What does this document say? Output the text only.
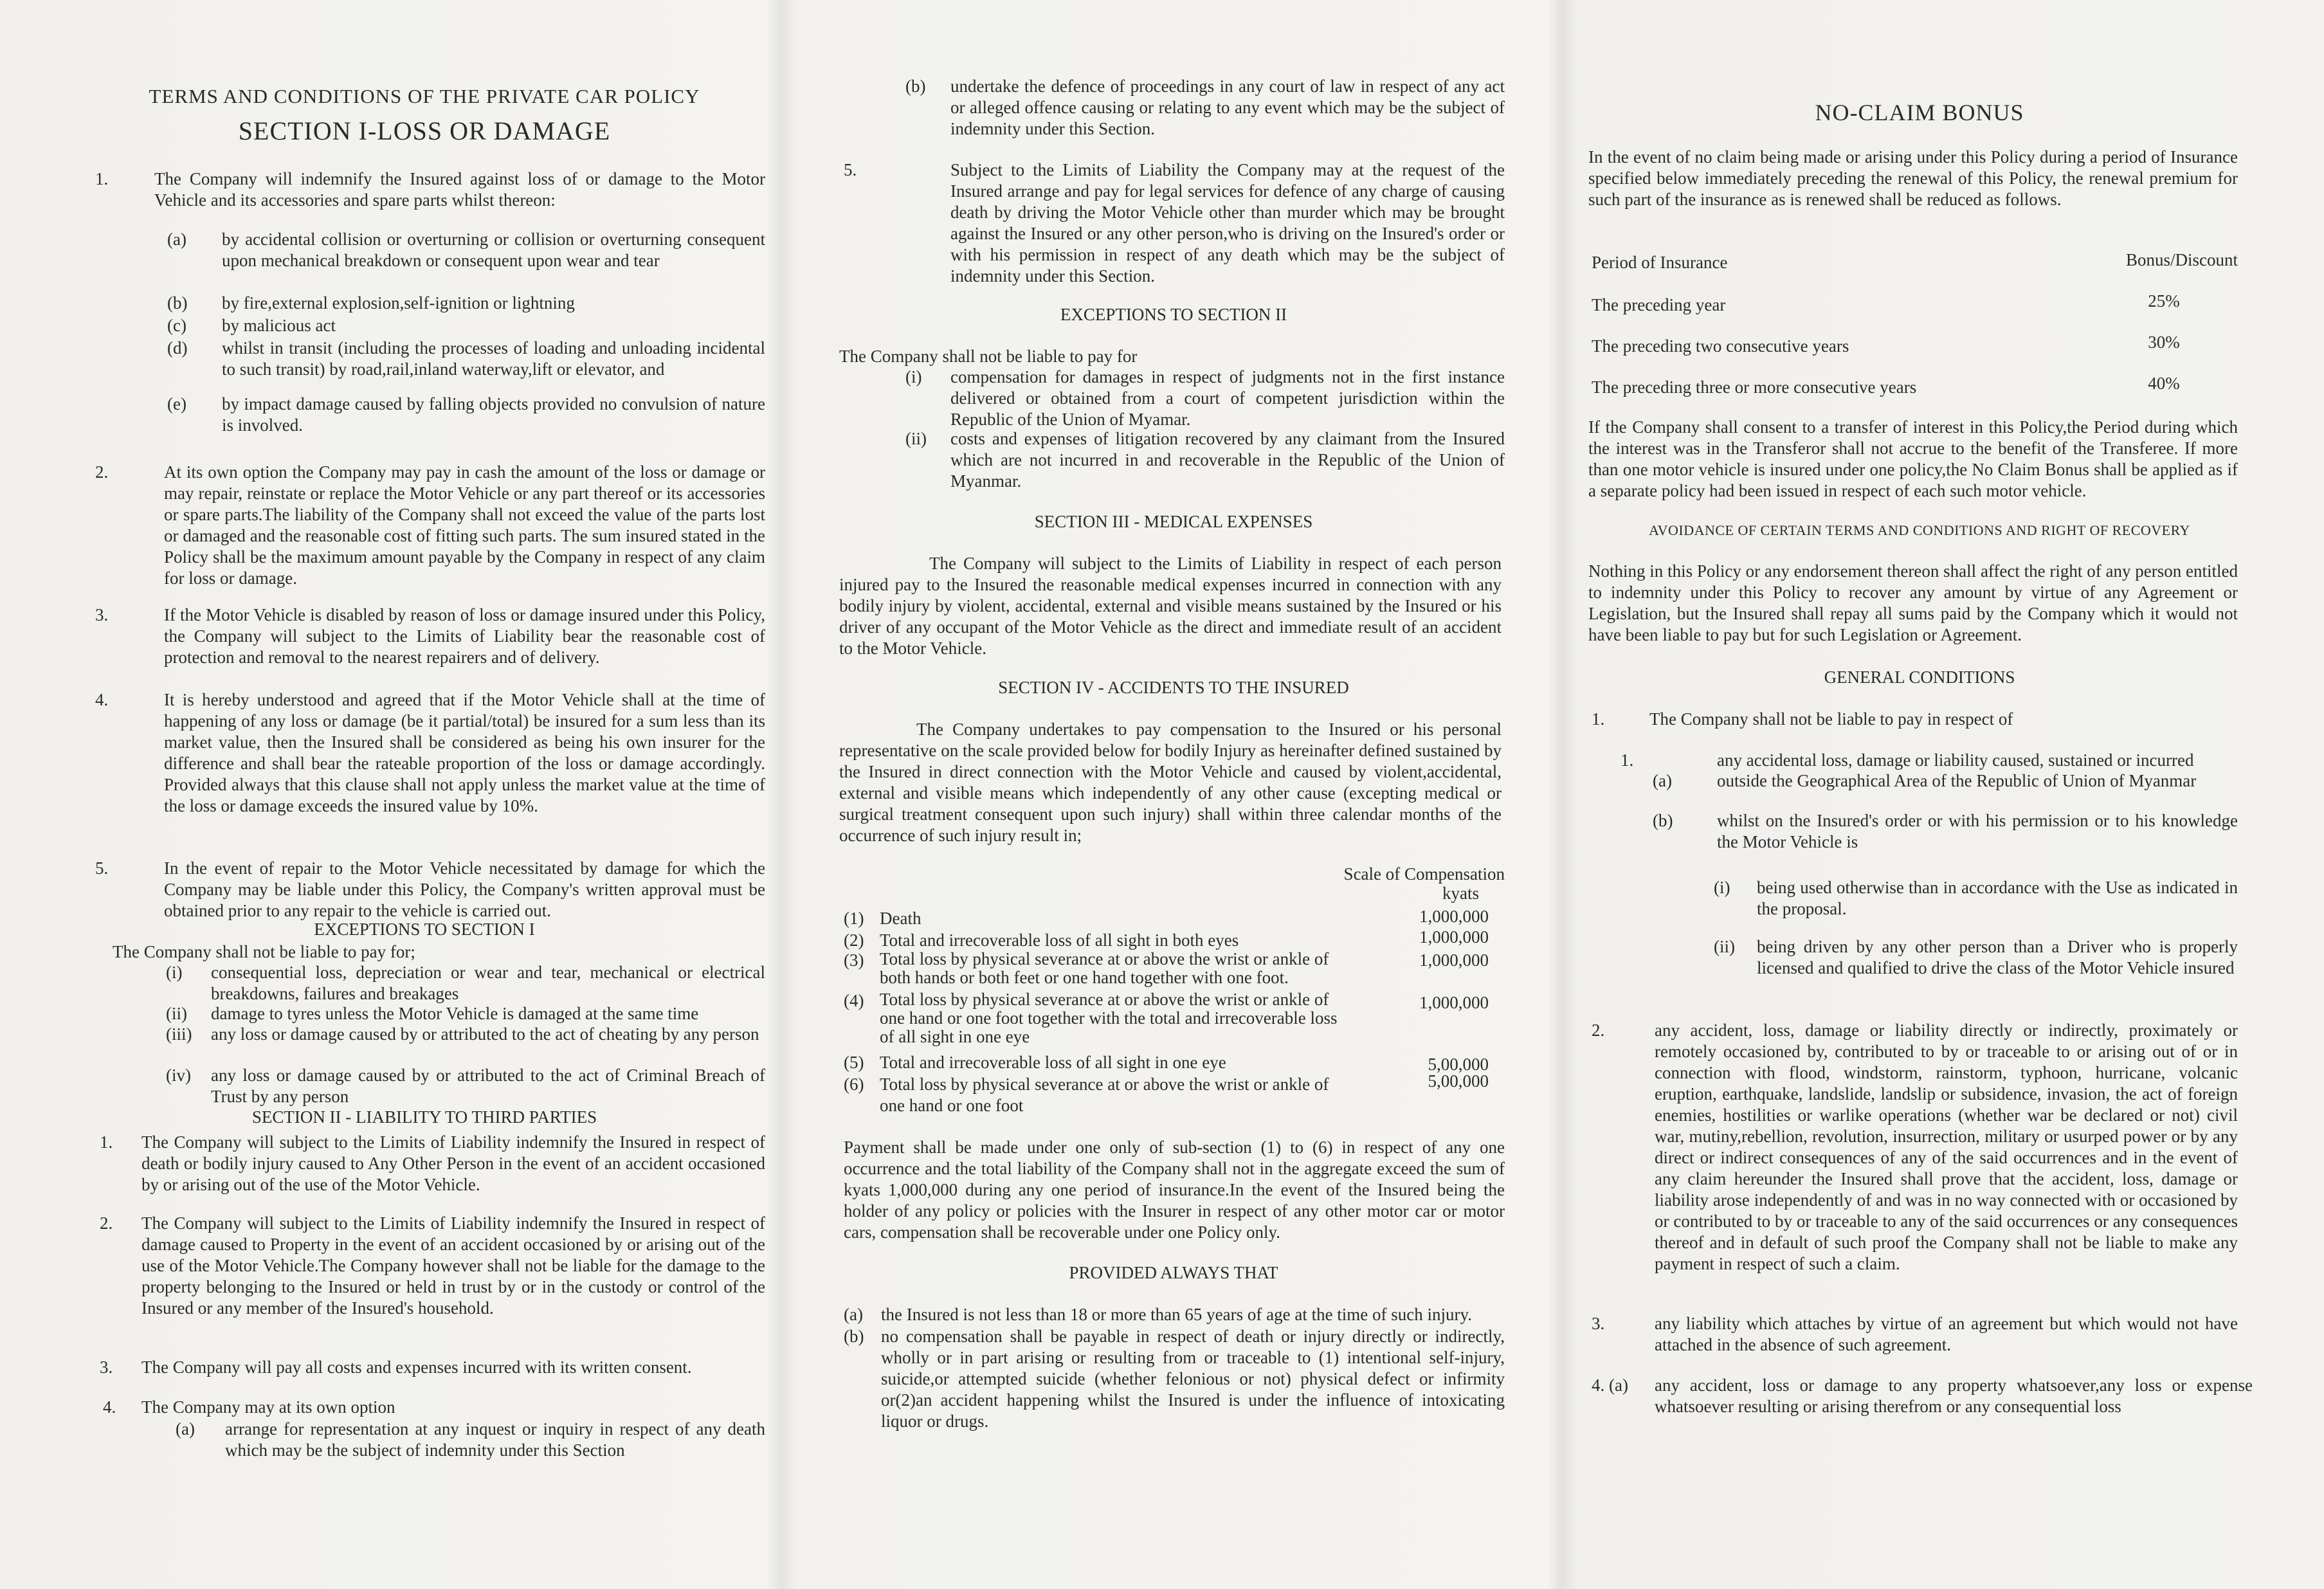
TERMS AND CONDITIONS OF THE PRIVATE CAR POLICY
SECTION I-LOSS OR DAMAGE
1.	The Company will indemnify the Insured against loss of or damage to the Motor Vehicle and its accessories and spare parts whilst thereon:
(a) by accidental collision or overturning or collision or overturning consequent upon mechanical breakdown or consequent upon wear and tear
(b) by fire,external explosion,self-ignition or lightning
(c) by malicious act
(d) whilst in transit (including the processes of loading and unloading incidental to such transit) by road,rail,inland waterway,lift or elevator, and
(e) by impact damage caused by falling objects provided no convulsion of nature is involved.
2.	At its own option the Company may pay in cash the amount of the loss or damage or may repair, reinstate or replace the Motor Vehicle or any part thereof or its accessories or spare parts.The liability of the Company shall not exceed the value of the parts lost or damaged and the reasonable cost of fitting such parts. The sum insured stated in the Policy shall be the maximum amount payable by the Company in respect of any claim for loss or damage.
3.	If the Motor Vehicle is disabled by reason of loss or damage insured under this Policy, the Company will subject to the Limits of Liability bear the reasonable cost of protection and removal to the nearest repairers and of delivery.
4.	It is hereby understood and agreed that if the Motor Vehicle shall at the time of happening of any loss or damage (be it partial/total) be insured for a sum less than its market value, then the Insured shall be considered as being his own insurer for the difference and shall bear the rateable proportion of the loss or damage accordingly. Provided always that this clause shall not apply unless the market value at the time of the loss or damage exceeds the insured value by 10%.
5.	In the event of repair to the Motor Vehicle necessitated by damage for which the Company may be liable under this Policy, the Company's written approval must be obtained prior to any repair to the vehicle is carried out.
EXCEPTIONS TO SECTION I
The Company shall not be liable to pay for;
(i) consequential loss, depreciation or wear and tear, mechanical or electrical breakdowns, failures and breakages
(ii) damage to tyres unless the Motor Vehicle is damaged at the same time
(iii) any loss or damage caused by or attributed to the act of cheating by any person
(iv) any loss or damage caused by or attributed to the act of Criminal Breach of Trust by any person
SECTION II - LIABILITY TO THIRD PARTIES
1. The Company will subject to the Limits of Liability indemnify the Insured in respect of death or bodily injury caused to Any Other Person in the event of an accident occasioned by or arising out of the use of the Motor Vehicle.
2. The Company will subject to the Limits of Liability indemnify the Insured in respect of damage caused to Property in the event of an accident occasioned by or arising out of the use of the Motor Vehicle.The Company however shall not be liable for the damage to the property belonging to the Insured or held in trust by or in the custody or control of the Insured or any member of the Insured's household.
3. The Company will pay all costs and expenses incurred with its written consent.
4. The Company may at its own option
(a) arrange for representation at any inquest or inquiry in respect of any death which may be the subject of indemnity under this Section
(b) undertake the defence of proceedings in any court of law in respect of any act or alleged offence causing or relating to any event which may be the subject of indemnity under this Section.
5.	Subject to the Limits of Liability the Company may at the request of the Insured arrange and pay for legal services for defence of any charge of causing death by driving the Motor Vehicle other than murder which may be brought against the Insured or any other person,who is driving on the Insured's order or with his permission in respect of any death which may be the subject of indemnity under this Section.
EXCEPTIONS TO SECTION II
The Company shall not be liable to pay for
(i) compensation for damages in respect of judgments not in the first instance delivered or obtained from a court of competent jurisdiction within the Republic of the Union of Myamar.
(ii) costs and expenses of litigation recovered by any claimant from the Insured which are not incurred in and recoverable in the Republic of the Union of Myanmar.
SECTION III - MEDICAL EXPENSES
The Company will subject to the Limits of Liability in respect of each person injured pay to the Insured the reasonable medical expenses incurred in connection with any bodily injury by violent, accidental, external and visible means sustained by the Insured or his driver of any occupant of the Motor Vehicle as the direct and immediate result of an accident to the Motor Vehicle.
SECTION IV - ACCIDENTS TO THE INSURED
The Company undertakes to pay compensation to the Insured or his personal representative on the scale provided below for bodily Injury as hereinafter defined sustained by the Insured in direct connection with the Motor Vehicle and caused by violent,accidental, external and visible means which independently of any other cause (excepting medical or surgical treatment consequent upon such injury) shall within three calendar months of the occurrence of such injury result in;
Scale of Compensation
kyats
(1) Death	1,000,000
(2) Total and irrecoverable loss of all sight in both eyes	1,000,000
(3) Total loss by physical severance at or above the wrist or ankle of both hands or both feet or one hand together with one foot.
1,000,000
(4) Total loss by physical severance at or above the wrist or ankle of one hand or one foot together with the total and irrecoverable loss of all sight in one eye
1,000,000
(5) Total and irrecoverable loss of all sight in one eye	5,00,000
(6) Total loss by physical severance at or above the wrist or ankle of one hand or one foot
5,00,000
Payment shall be made under one only of sub-section (1) to (6) in respect of any one occurrence and the total liability of the Company shall not in the aggregate exceed the sum of kyats 1,000,000 during any one period of insurance.In the event of the Insured being the holder of any policy or policies with the Insurer in respect of any other motor car or motor cars, compensation shall be recoverable under one Policy only.
PROVIDED ALWAYS THAT
(a) the Insured is not less than 18 or more than 65 years of age at the time of such injury.
(b) no compensation shall be payable in respect of death or injury directly or indirectly, wholly or in part arising or resulting from or traceable to (1) intentional self-injury, suicide,or attempted suicide (whether felonious or not) physical defect or infirmity or(2)an accident happening whilst the Insured is under the influence of intoxicating liquor or drugs.
NO-CLAIM BONUS
In the event of no claim being made or arising under this Policy during a period of Insurance specified below immediately preceding the renewal of this Policy, the renewal premium for such part of the insurance as is renewed shall be reduced as follows.
Period of Insurance	Bonus/Discount
The preceding year	25%
The preceding two consecutive years	30%
The preceding three or more consecutive years	40%
If the Company shall consent to a transfer of interest in this Policy,the Period during which the interest was in the Transferor shall not accrue to the benefit of the Transferee. If more than one motor vehicle is insured under one policy,the No Claim Bonus shall be applied as if a separate policy had been issued in respect of each such motor vehicle.
AVOIDANCE OF CERTAIN TERMS AND CONDITIONS AND RIGHT OF RECOVERY
Nothing in this Policy or any endorsement thereon shall affect the right of any person entitled to indemnity under this Policy to recover any amount by virtue of any Agreement or Legislation, but the Insured shall repay all sums paid by the Company which it would not have been liable to pay but for such Legislation or Agreement.
GENERAL CONDITIONS
1.	The Company shall not be liable to pay in respect of
1.	any accidental loss, damage or liability caused, sustained or incurred
(a)	outside the Geographical Area of the Republic of Union of Myanmar
(b)	whilst on the Insured's order or with his permission or to his knowledge the Motor Vehicle is
(i) being used otherwise than in accordance with the Use as indicated in the proposal.
(ii) being driven by any other person than a Driver who is properly licensed and qualified to drive the class of the Motor Vehicle insured
2.	any accident, loss, damage or liability directly or indirectly, proximately or remotely occasioned by, contributed to by or traceable to or arising out of or in connection with flood, windstorm, rainstorm, typhoon, hurricane, volcanic eruption, earthquake, landslide, landslip or subsidence, invasion, the act of foreign enemies, hostilities or warlike operations (whether war be declared or not) civil war, mutiny,rebellion, revolution, insurrection, military or usurped power or by any direct or indirect consequences of any of the said occurrences and in the event of any claim hereunder the Insured shall prove that the accident, loss, damage or liability arose independently of and was in no way connected with or occasioned by or contributed to by or traceable to any of the said occurrences or any consequences thereof and in default of such proof the Company shall not be liable to make any payment in respect of such a claim.
3.	any liability which attaches by virtue of an agreement but which would not have attached in the absence of such agreement.
4. (a) any accident, loss or damage to any property whatsoever,any loss or expense whatsoever resulting or arising therefrom or any consequential loss
